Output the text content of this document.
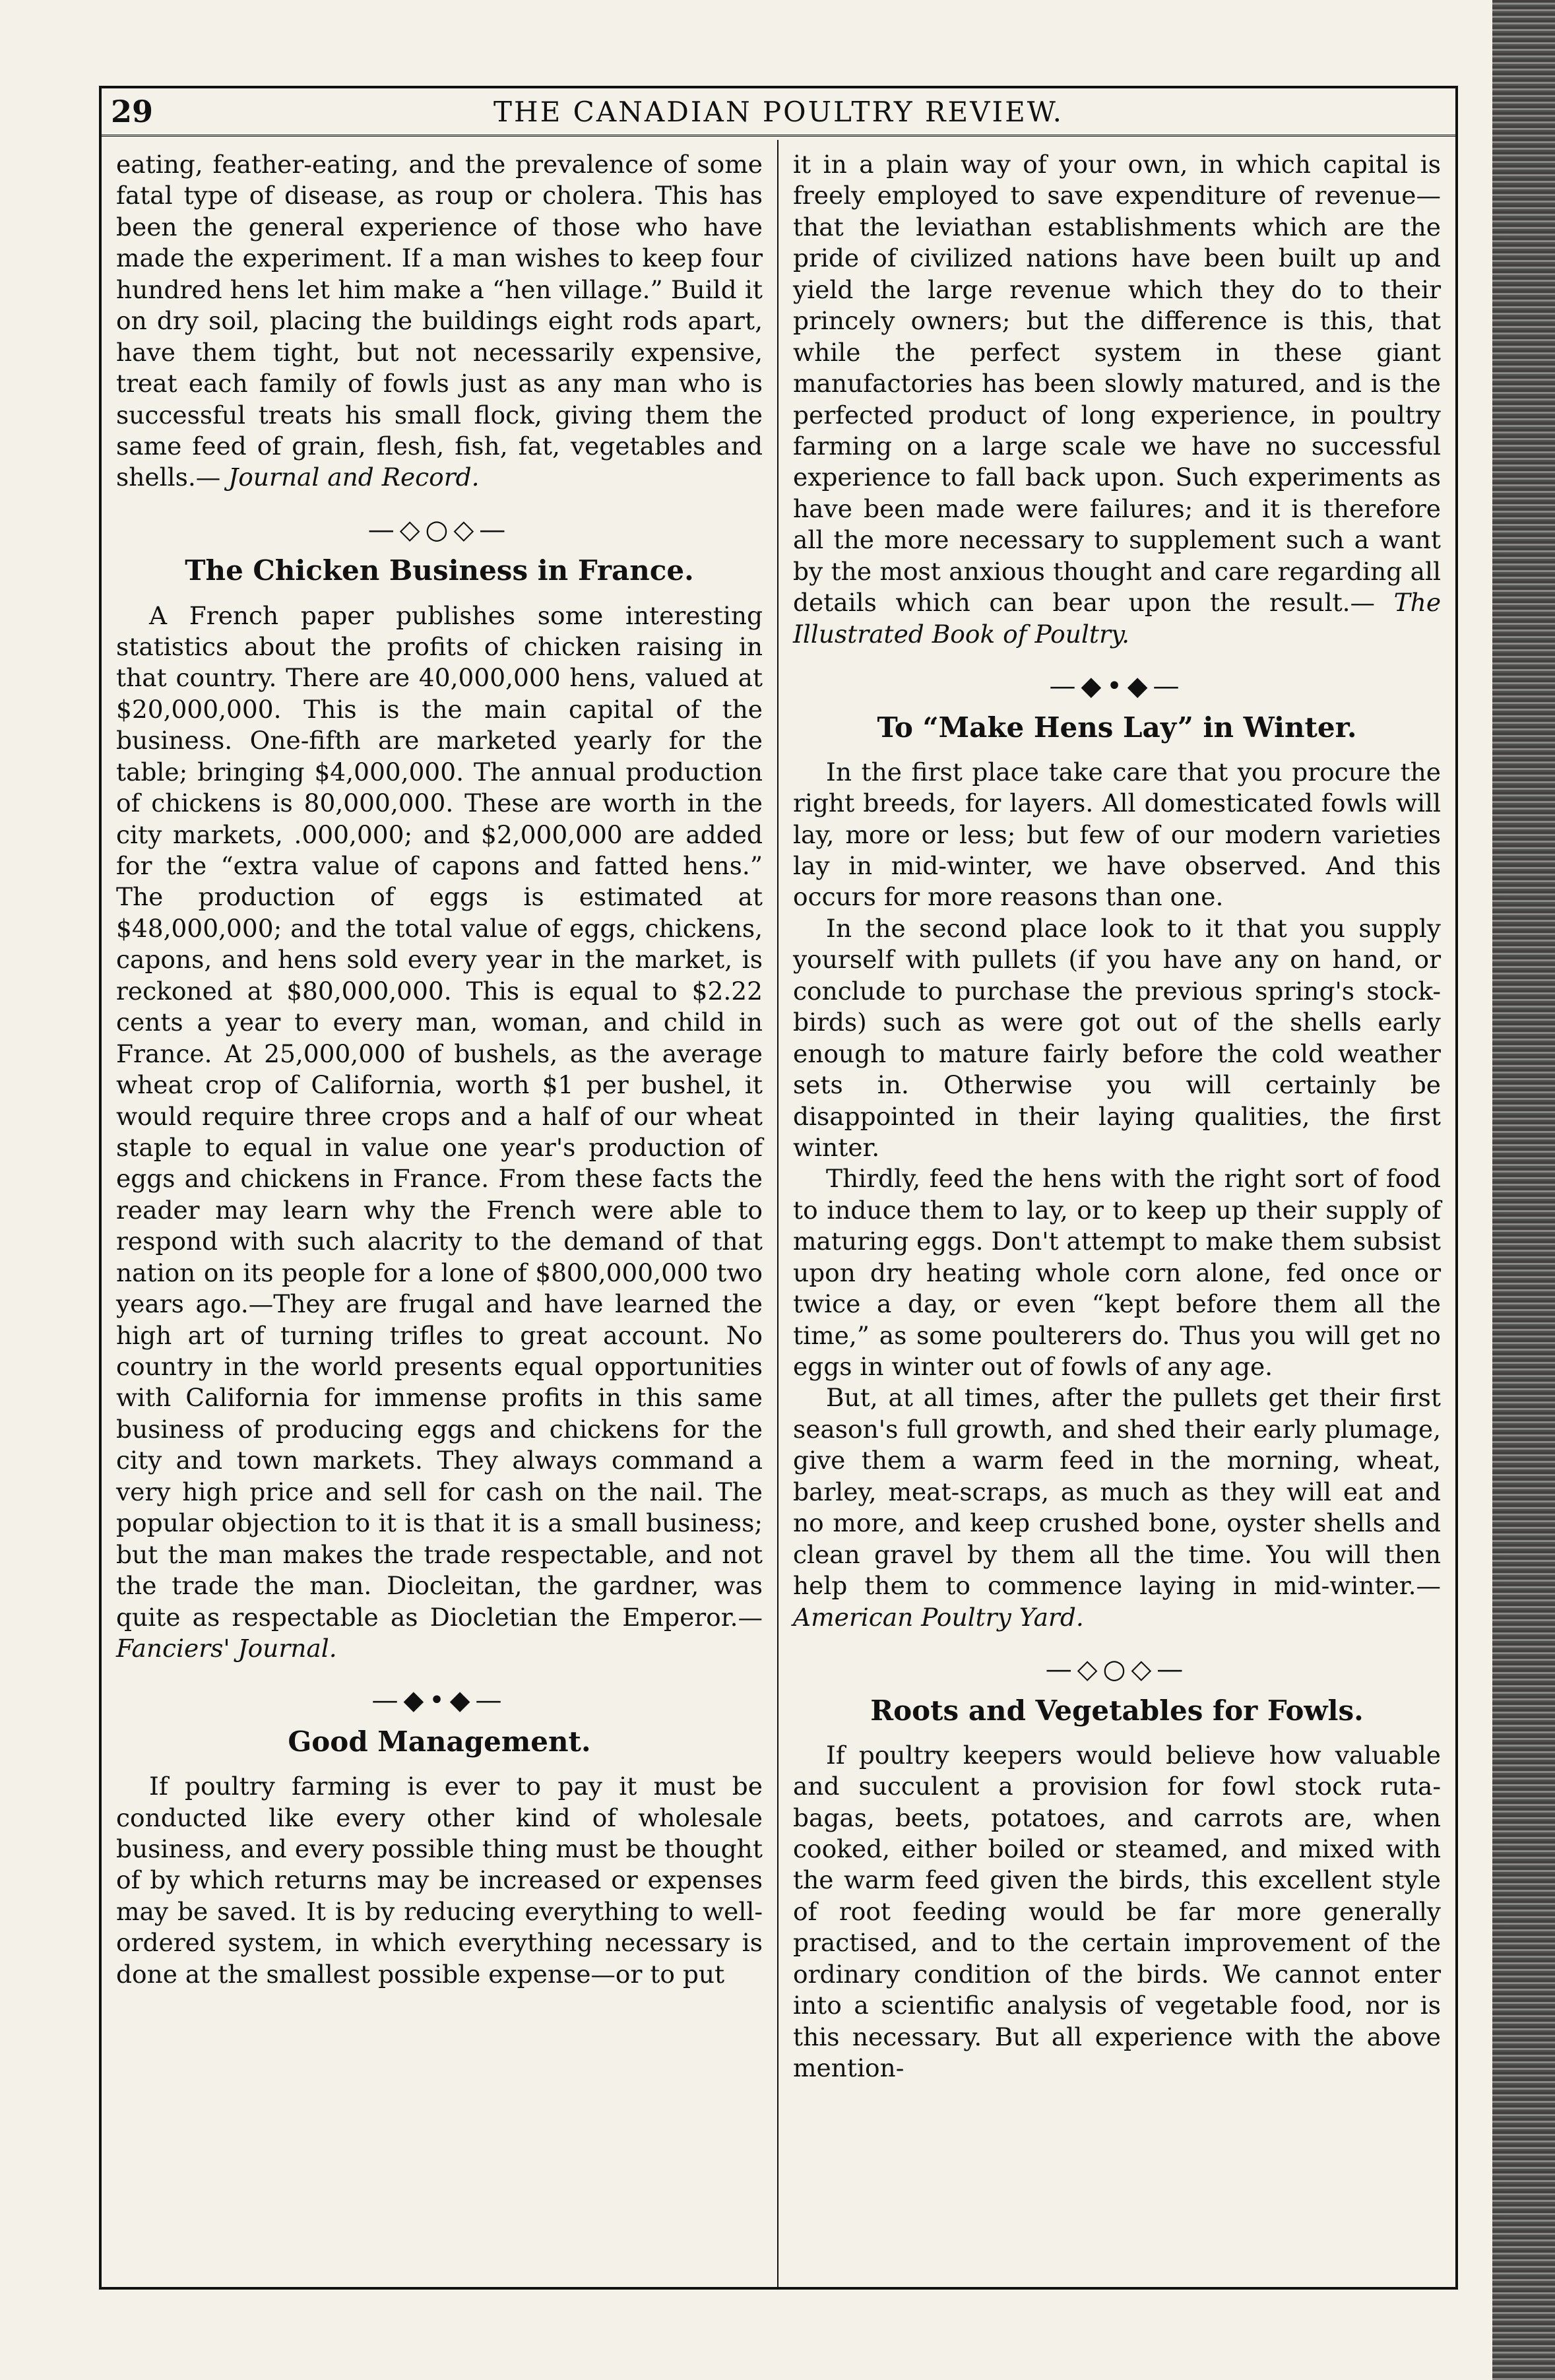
29	THE CANADIAN POULTRY REVIEW.

eating, feather-eating, and the prevalence of some fatal type of disease, as roup or cholera. This has been the general experience of those who have made the experiment. If a man wishes to keep four hundred hens let him make a “hen village.” Build it on dry soil, placing the buildings eight rods apart, have them tight, but not necessarily expensive, treat each family of fowls just as any man who is successful treats his small flock, giving them the same feed of grain, flesh, fish, fat, vegetables and shells.— Journal and Record.

—◇○◇—
The Chicken Business in France.

A French paper publishes some interesting statistics about the profits of chicken raising in that country. There are 40,000,000 hens, valued at $20,000,000. This is the main capital of the business. One-fifth are marketed yearly for the table; bringing $4,000,000. The annual production of chickens is 80,000,000. These are worth in the city markets, .000,000; and $2,000,000 are added for the “extra value of capons and fatted hens.” The production of eggs is estimated at $48,000,000; and the total value of eggs, chickens, capons, and hens sold every year in the market, is reckoned at $80,000,000. This is equal to $2.22 cents a year to every man, woman, and child in France. At 25,000,000 of bushels, as the average wheat crop of California, worth $1 per bushel, it would require three crops and a half of our wheat staple to equal in value one year's production of eggs and chickens in France. From these facts the reader may learn why the French were able to respond with such alacrity to the demand of that nation on its people for a lone of $800,000,000 two years ago.—They are frugal and have learned the high art of turning trifles to great account. No country in the world presents equal opportunities with California for immense profits in this same business of producing eggs and chickens for the city and town markets. They always command a very high price and sell for cash on the nail. The popular objection to it is that it is a small business; but the man makes the trade respectable, and not the trade the man. Diocleitan, the gardner, was quite as respectable as Diocletian the Emperor.— Fanciers' Journal.

—◆•◆—
Good Management.

If poultry farming is ever to pay it must be conducted like every other kind of wholesale business, and every possible thing must be thought of by which returns may be increased or expenses may be saved. It is by reducing everything to well-ordered system, in which everything necessary is done at the smallest possible expense—or to put

it in a plain way of your own, in which capital is freely employed to save expenditure of revenue—that the leviathan establishments which are the pride of civilized nations have been built up and yield the large revenue which they do to their princely owners; but the difference is this, that while the perfect system in these giant manufactories has been slowly matured, and is the perfected product of long experience, in poultry farming on a large scale we have no successful experience to fall back upon. Such experiments as have been made were failures; and it is therefore all the more necessary to supplement such a want by the most anxious thought and care regarding all details which can bear upon the result.— The Illustrated Book of Poultry.

—◆•◆—
To “Make Hens Lay” in Winter.

In the first place take care that you procure the right breeds, for layers. All domesticated fowls will lay, more or less; but few of our modern varieties lay in mid-winter, we have observed. And this occurs for more reasons than one.

In the second place look to it that you supply yourself with pullets (if you have any on hand, or conclude to purchase the previous spring's stock-birds) such as were got out of the shells early enough to mature fairly before the cold weather sets in. Otherwise you will certainly be disappointed in their laying qualities, the first winter.

Thirdly, feed the hens with the right sort of food to induce them to lay, or to keep up their supply of maturing eggs. Don't attempt to make them subsist upon dry heating whole corn alone, fed once or twice a day, or even “kept before them all the time,” as some poulterers do. Thus you will get no eggs in winter out of fowls of any age.

But, at all times, after the pullets get their first season's full growth, and shed their early plumage, give them a warm feed in the morning, wheat, barley, meat-scraps, as much as they will eat and no more, and keep crushed bone, oyster shells and clean gravel by them all the time. You will then help them to commence laying in mid-winter.— American Poultry Yard.

—◇○◇—
Roots and Vegetables for Fowls.

If poultry keepers would believe how valuable and succulent a provision for fowl stock ruta-bagas, beets, potatoes, and carrots are, when cooked, either boiled or steamed, and mixed with the warm feed given the birds, this excellent style of root feeding would be far more generally practised, and to the certain improvement of the ordinary condition of the birds. We cannot enter into a scientific analysis of vegetable food, nor is this necessary. But all experience with the above mention-
